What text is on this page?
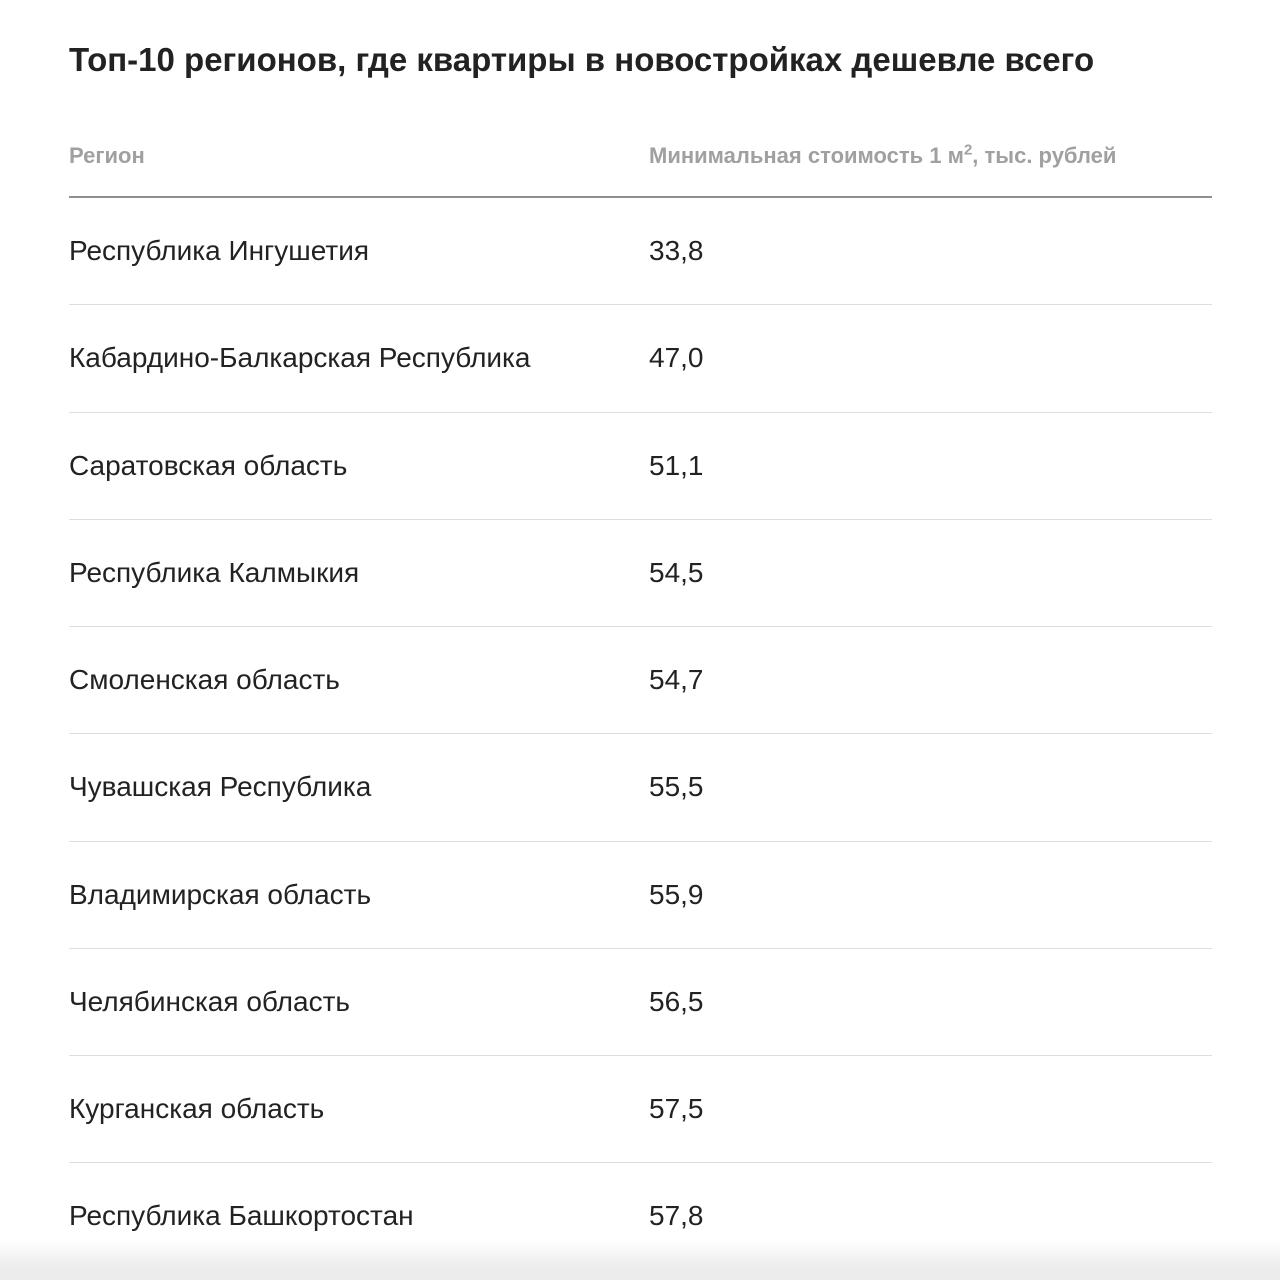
Топ-10 регионов, где квартиры в новостройках дешевле всего
Регион	Минимальная стоимость 1 $м^2$, тыс. рублей
Республика Ингушетия	33,8
Кабардино-Балкарская Республика	47,0
Саратовская область	51,1
Республика Калмыкия	54,5
Смоленская область	54,7
Чувашская Республика	55,5
Владимирская область	55,9
Челябинская область	56,5
Курганская область	57,5
Республика Башкортостан	57,8
